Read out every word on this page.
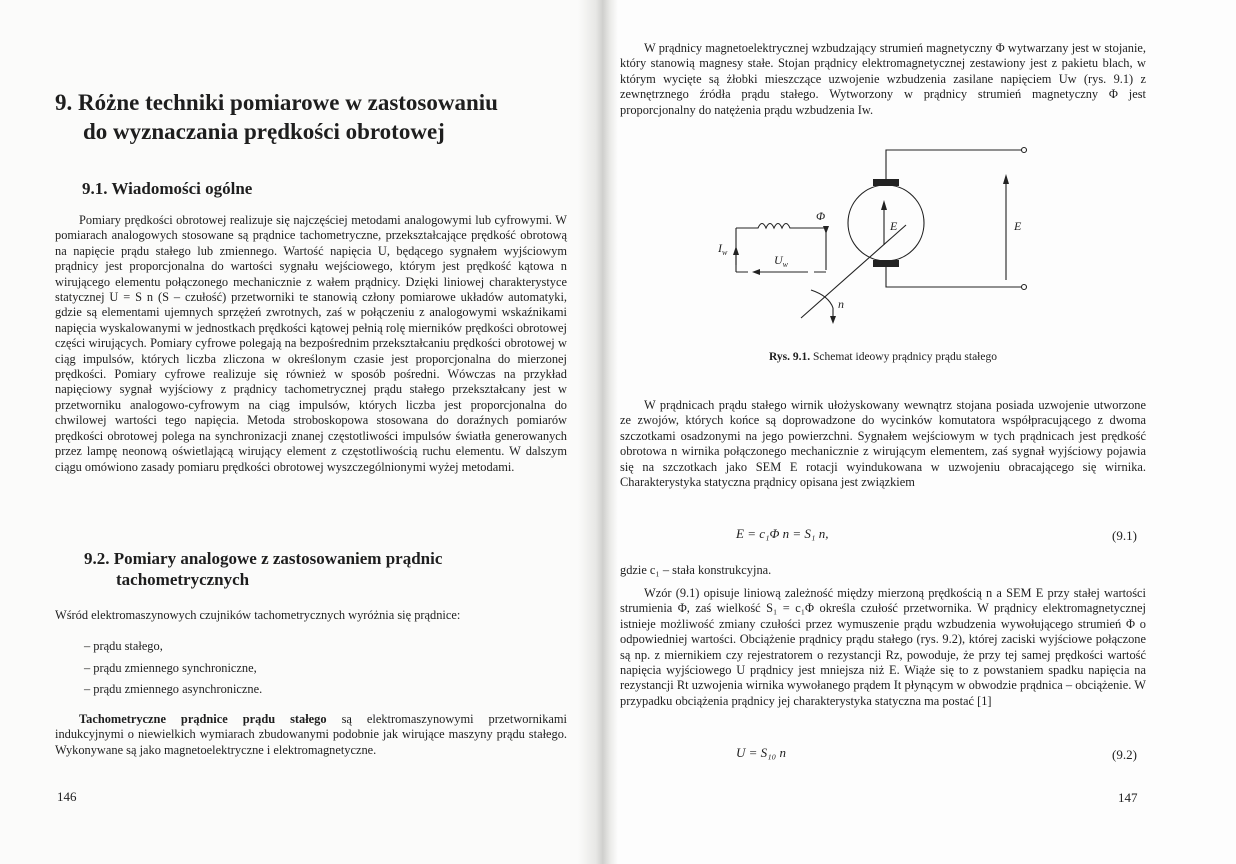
9. Różne techniki pomiarowe w zastosowaniu
do wyznaczania prędkości obrotowej
9.1. Wiadomości ogólne

Pomiary prędkości obrotowej realizuje się najczęściej metodami analogowymi lub cyfrowymi. W pomiarach analogowych stosowane są prądnice tachometryczne, przekształcające prędkość obrotową na napięcie prądu stałego lub zmiennego. Wartość napięcia U, będącego sygnałem wyjściowym prądnicy jest proporcjonalna do wartości sygnału wejściowego, którym jest prędkość kątowa n wirującego elementu połączonego mechanicznie z wałem prądnicy. Dzięki liniowej charakterystyce statycznej U = S n (S – czułość) przetworniki te stanowią człony pomiarowe układów automatyki, gdzie są elementami ujemnych sprzężeń zwrotnych, zaś w połączeniu z analogowymi wskaźnikami napięcia wyskalowanymi w jednostkach prędkości kątowej pełnią rolę mierników prędkości obrotowej części wirujących. Pomiary cyfrowe polegają na bezpośrednim przekształcaniu prędkości obrotowej w ciąg impulsów, których liczba zliczona w określonym czasie jest proporcjonalna do mierzonej prędkości. Pomiary cyfrowe realizuje się również w sposób pośredni. Wówczas na przykład napięciowy sygnał wyjściowy z prądnicy tachometrycznej prądu stałego przekształcany jest w przetworniku analogowo-cyfrowym na ciąg impulsów, których liczba jest proporcjonalna do chwilowej wartości tego napięcia. Metoda stroboskopowa stosowana do doraźnych pomiarów prędkości obrotowej polega na synchronizacji znanej częstotliwości impulsów światła generowanych przez lampę neonową oświetlającą wirujący element z częstotliwością ruchu elementu. W dalszym ciągu omówiono zasady pomiaru prędkości obrotowej wyszczególnionymi wyżej metodami.

9.2. Pomiary analogowe z zastosowaniem prądnic
tachometrycznych

Wśród elektromaszynowych czujników tachometrycznych wyróżnia się prądnice:

– prądu stałego,
– prądu zmiennego synchroniczne,
– prądu zmiennego asynchroniczne.

Tachometryczne prądnice prądu stałego są elektromaszynowymi przetwornikami indukcyjnymi o niewielkich wymiarach zbudowanymi podobnie jak wirujące maszyny prądu stałego. Wykonywane są jako magnetoelektryczne i elektromagnetyczne.

146

W prądnicy magnetoelektrycznej wzbudzający strumień magnetyczny Φ wytwarzany jest w stojanie, który stanowią magnesy stałe. Stojan prądnicy elektromagnetycznej zestawiony jest z pakietu blach, w którym wycięte są żłobki mieszczące uzwojenie wzbudzenia zasilane napięciem Uw (rys. 9.1) z zewnętrznego źródła prądu stałego. Wytworzony w prądnicy strumień magnetyczny Φ jest proporcjonalny do natężenia prądu wzbudzenia Iw.

Φ
E	E
$I_w$
$U_w$
n
Rys. 9.1. Schemat ideowy prądnicy prądu stałego

W prądnicach prądu stałego wirnik ułożyskowany wewnątrz stojana posiada uzwojenie utworzone ze zwojów, których końce są doprowadzone do wycinków komutatora współpracującego z dwoma szczotkami osadzonymi na jego powierzchni. Sygnałem wejściowym w tych prądnicach jest prędkość obrotowa n wirnika połączonego mechanicznie z wirującym elementem, zaś sygnał wyjściowy pojawia się na szczotkach jako SEM E rotacji wyindukowana w uzwojeniu obracającego się wirnika. Charakterystyka statyczna prądnicy opisana jest związkiem

E = c₁Φ n = S₁ n,	(9.1)

gdzie c₁ – stała konstrukcyjna.

Wzór (9.1) opisuje liniową zależność między mierzoną prędkością n a SEM E przy stałej wartości strumienia Φ, zaś wielkość S₁ = c₁Φ określa czułość przetwornika. W prądnicy elektromagnetycznej istnieje możliwość zmiany czułości przez wymuszenie prądu wzbudzenia wywołującego strumień Φ o odpowiedniej wartości. Obciążenie prądnicy prądu stałego (rys. 9.2), której zaciski wyjściowe połączone są np. z miernikiem czy rejestratorem o rezystancji Rz, powoduje, że przy tej samej prędkości wartość napięcia wyjściowego U prądnicy jest mniejsza niż E. Wiąże się to z powstaniem spadku napięcia na rezystancji Rt uzwojenia wirnika wywołanego prądem It płynącym w obwodzie prądnica – obciążenie. W przypadku obciążenia prądnicy jej charakterystyka statyczna ma postać [1]

U = S₁₀ n	(9.2)
147
